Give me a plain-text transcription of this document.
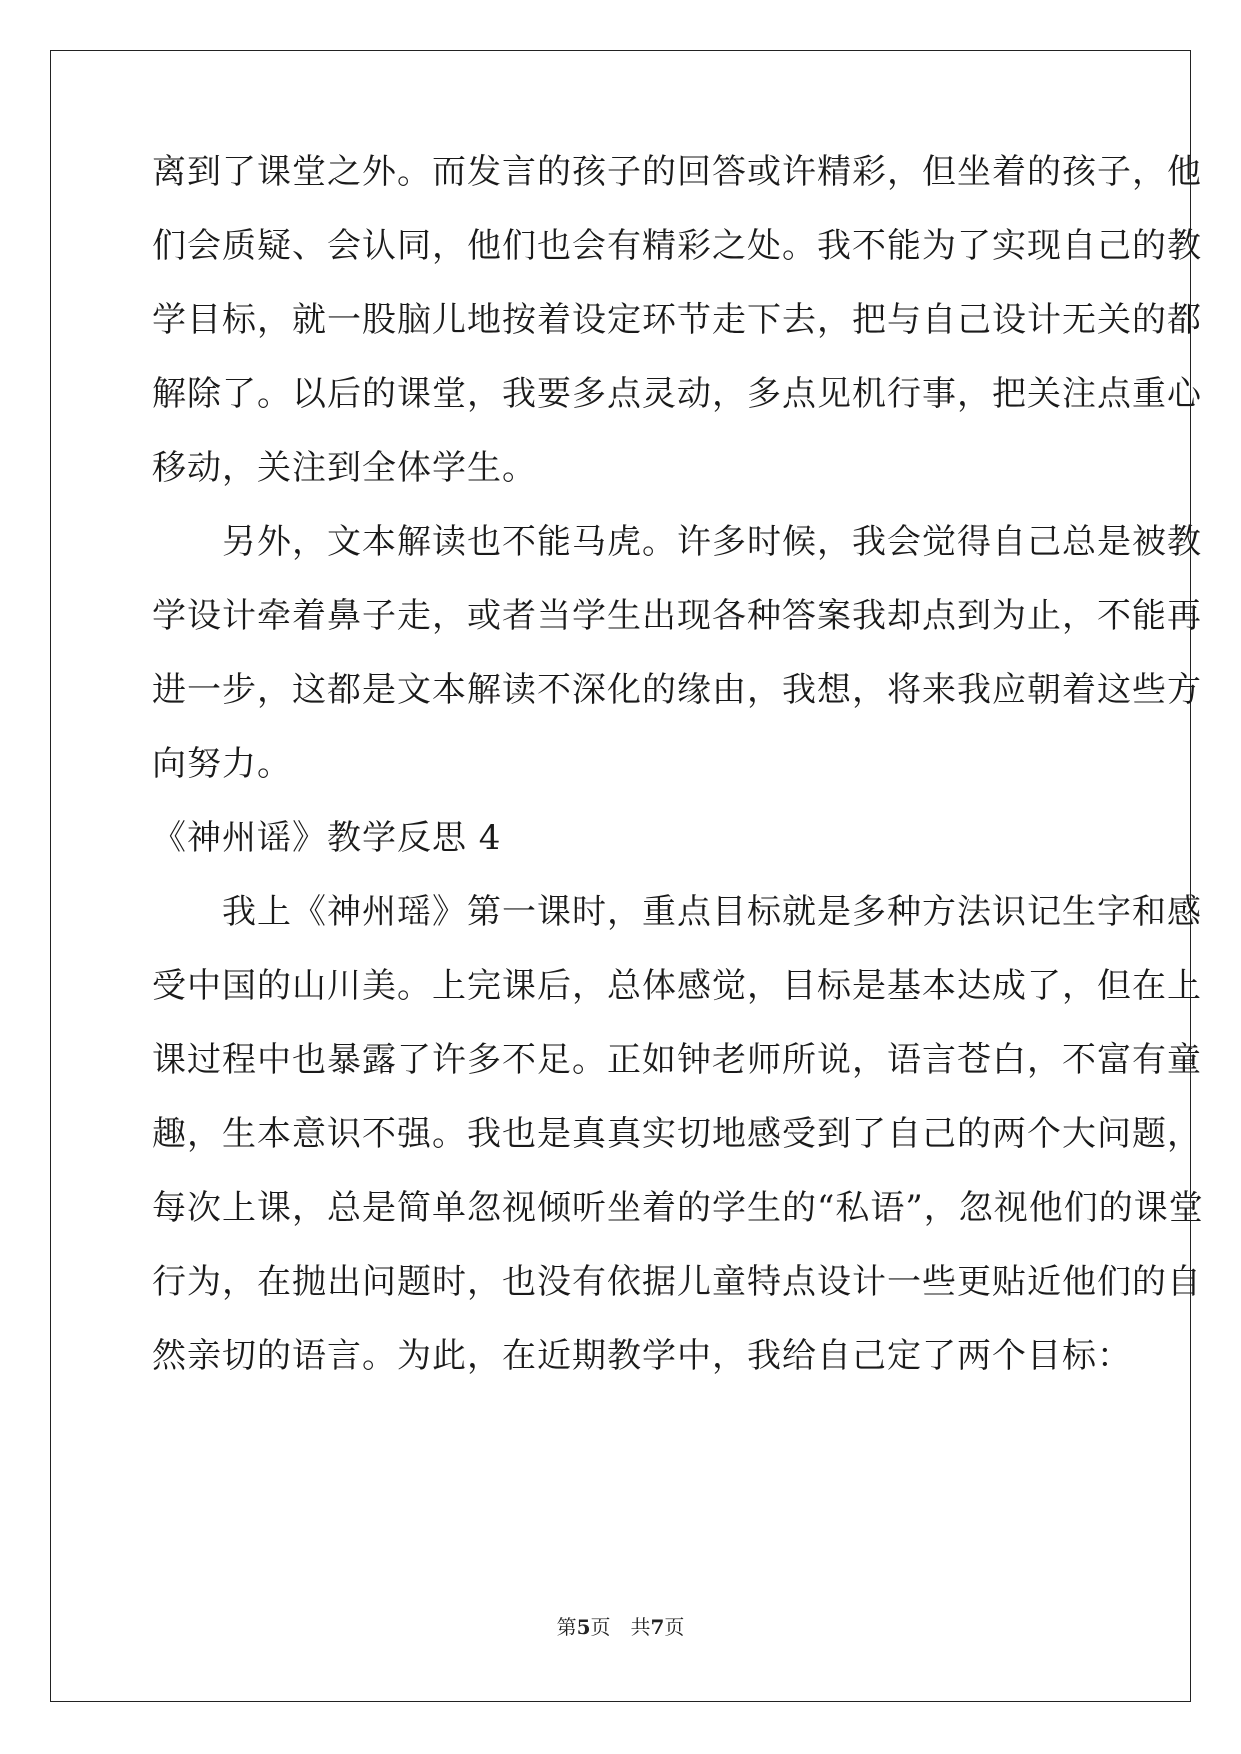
离到了课堂之外。而发言的孩子的回答或许精彩，但坐着的孩子，他
们会质疑、会认同，他们也会有精彩之处。我不能为了实现自己的教
学目标，就一股脑儿地按着设定环节走下去，把与自己设计无关的都
解除了。以后的课堂，我要多点灵动，多点见机行事，把关注点重心
移动，关注到全体学生。
　　另外，文本解读也不能马虎。许多时候，我会觉得自己总是被教
学设计牵着鼻子走，或者当学生出现各种答案我却点到为止，不能再
进一步，这都是文本解读不深化的缘由，我想，将来我应朝着这些方
向努力。
《神州谣》教学反思 4
　　我上《神州瑶》第一课时，重点目标就是多种方法识记生字和感
受中国的山川美。上完课后，总体感觉，目标是基本达成了，但在上
课过程中也暴露了许多不足。正如钟老师所说，语言苍白，不富有童
趣，生本意识不强。我也是真真实切地感受到了自己的两个大问题，
每次上课，总是简单忽视倾听坐着的学生的“私语”，忽视他们的课堂
行为，在抛出问题时，也没有依据儿童特点设计一些更贴近他们的自
然亲切的语言。为此，在近期教学中，我给自己定了两个目标：
第5页　共7页
